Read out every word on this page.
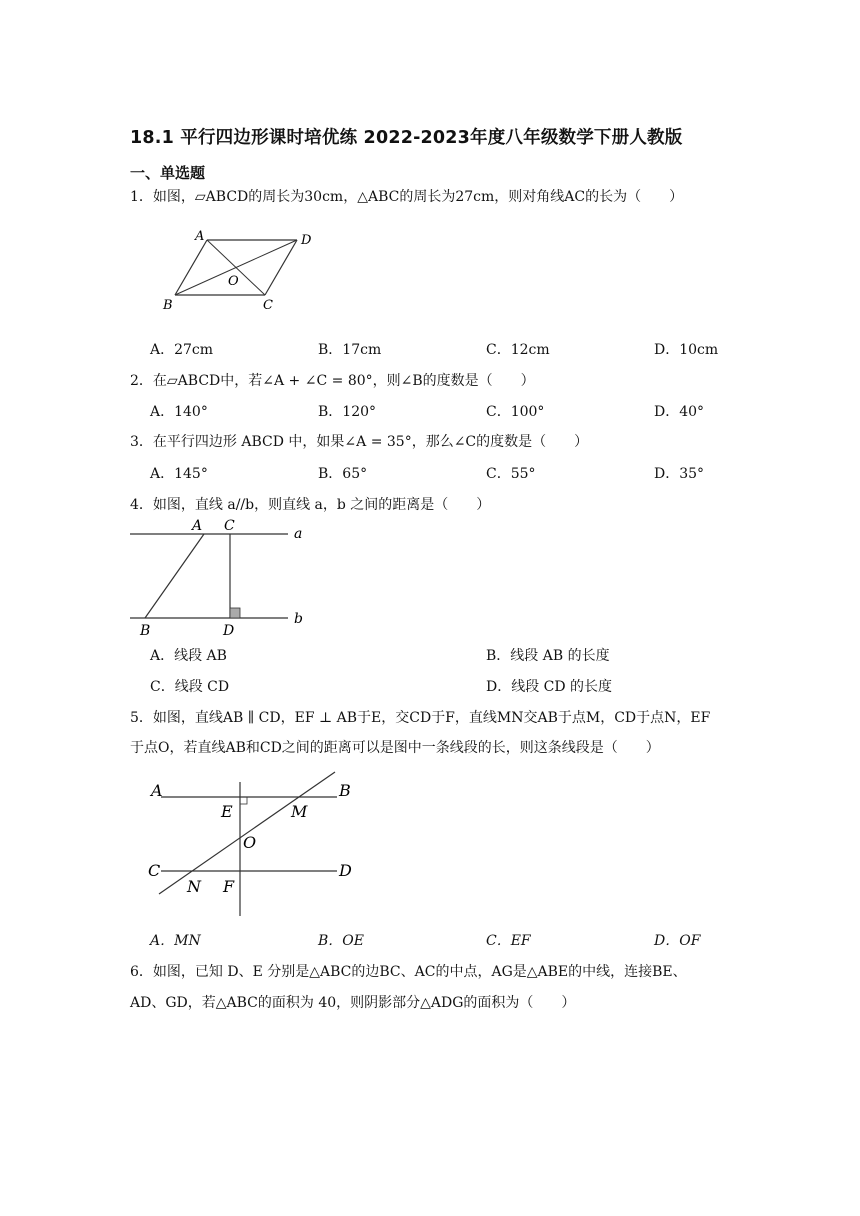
18.1 平行四边形课时培优练 2022-2023年度八年级数学下册人教版
一、单选题
1．如图，▱ABCD的周长为30cm，△ABC的周长为27cm，则对角线AC的长为（　　）
A	D
O
B	C
A．27cm	B．17cm	C．12cm	D．10cm
2．在▱ABCD中，若∠A + ∠C = 80°，则∠B的度数是（　　）
A．140°	B．120°	C．100°	D．40°
3．在平行四边形 ABCD 中，如果∠A = 35°，那么∠C的度数是（　　）
A．145°	B．65°	C．55°	D．35°
4．如图，直线 a//b，则直线 a，b 之间的距离是（　　）
A C	a
B	D
b
A．线段 AB	B．线段 AB 的长度
C．线段 CD	D．线段 CD 的长度
5．如图，直线AB ∥ CD，EF ⊥ AB于E，交CD于F，直线MN交AB于点M，CD于点N，EF
于点O，若直线AB和CD之间的距离可以是图中一条线段的长，则这条线段是（　　）
A	B
E	M
O
C	D
N F
A．MN	B．OE	C．EF	D．OF
6．如图，已知 D、E 分别是△ABC的边BC、AC的中点，AG是△ABE的中线，连接BE、
AD、GD，若△ABC的面积为 40，则阴影部分△ADG的面积为（　　）
